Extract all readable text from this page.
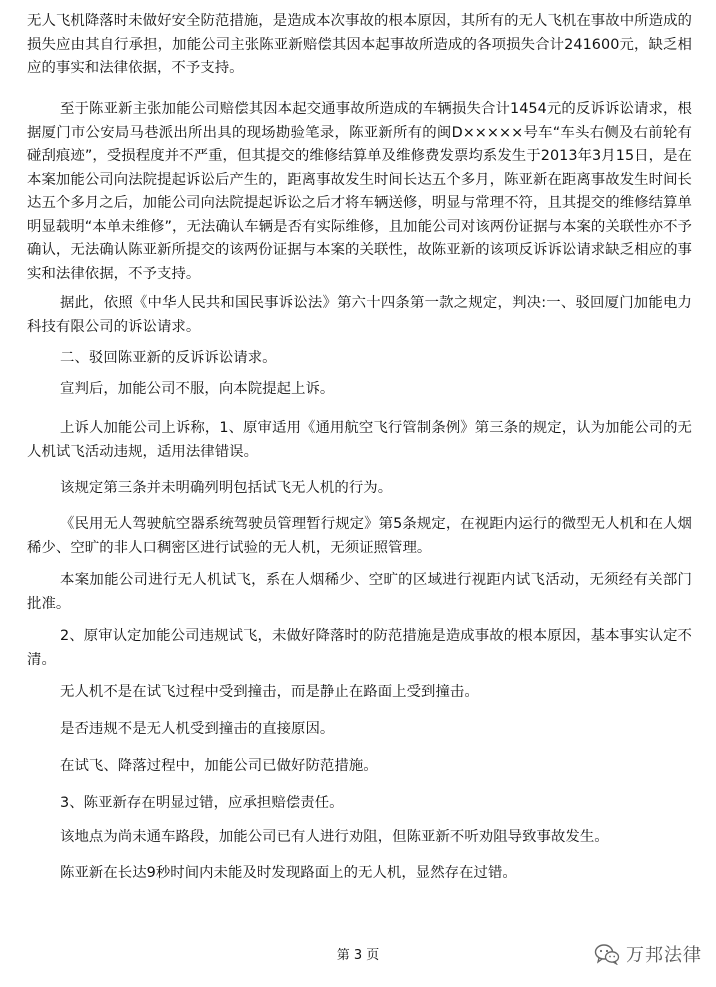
无人飞机降落时未做好安全防范措施，是造成本次事故的根本原因，其所有的无人飞机在事故中所造成的损失应由其自行承担，加能公司主张陈亚新赔偿其因本起事故所造成的各项损失合计241600元，缺乏相应的事实和法律依据，不予支持。

至于陈亚新主张加能公司赔偿其因本起交通事故所造成的车辆损失合计1454元的反诉诉讼请求，根据厦门市公安局马巷派出所出具的现场勘验笔录，陈亚新所有的闽D×××××号车“车头右侧及右前轮有碰刮痕迹”，受损程度并不严重，但其提交的维修结算单及维修费发票均系发生于2013年3月15日，是在本案加能公司向法院提起诉讼后产生的，距离事故发生时间长达五个多月，陈亚新在距离事故发生时间长达五个多月之后，加能公司向法院提起诉讼之后才将车辆送修，明显与常理不符，且其提交的维修结算单明显载明“本单未维修”，无法确认车辆是否有实际维修，且加能公司对该两份证据与本案的关联性亦不予确认，无法确认陈亚新所提交的该两份证据与本案的关联性，故陈亚新的该项反诉诉讼请求缺乏相应的事实和法律依据，不予支持。

据此，依照《中华人民共和国民事诉讼法》第六十四条第一款之规定，判决:一、驳回厦门加能电力科技有限公司的诉讼请求。

二、驳回陈亚新的反诉诉讼请求。

宣判后，加能公司不服，向本院提起上诉。

上诉人加能公司上诉称，1、原审适用《通用航空飞行管制条例》第三条的规定，认为加能公司的无人机试飞活动违规，适用法律错误。

该规定第三条并未明确列明包括试飞无人机的行为。

《民用无人驾驶航空器系统驾驶员管理暂行规定》第5条规定，在视距内运行的微型无人机和在人烟稀少、空旷的非人口稠密区进行试验的无人机，无须证照管理。

本案加能公司进行无人机试飞，系在人烟稀少、空旷的区域进行视距内试飞活动，无须经有关部门批准。

2、原审认定加能公司违规试飞，未做好降落时的防范措施是造成事故的根本原因，基本事实认定不清。

无人机不是在试飞过程中受到撞击，而是静止在路面上受到撞击。

是否违规不是无人机受到撞击的直接原因。

在试飞、降落过程中，加能公司已做好防范措施。

3、陈亚新存在明显过错，应承担赔偿责任。

该地点为尚未通车路段，加能公司已有人进行劝阻，但陈亚新不听劝阻导致事故发生。

陈亚新在长达9秒时间内未能及时发现路面上的无人机，显然存在过错。

第 3 页	万邦法律
